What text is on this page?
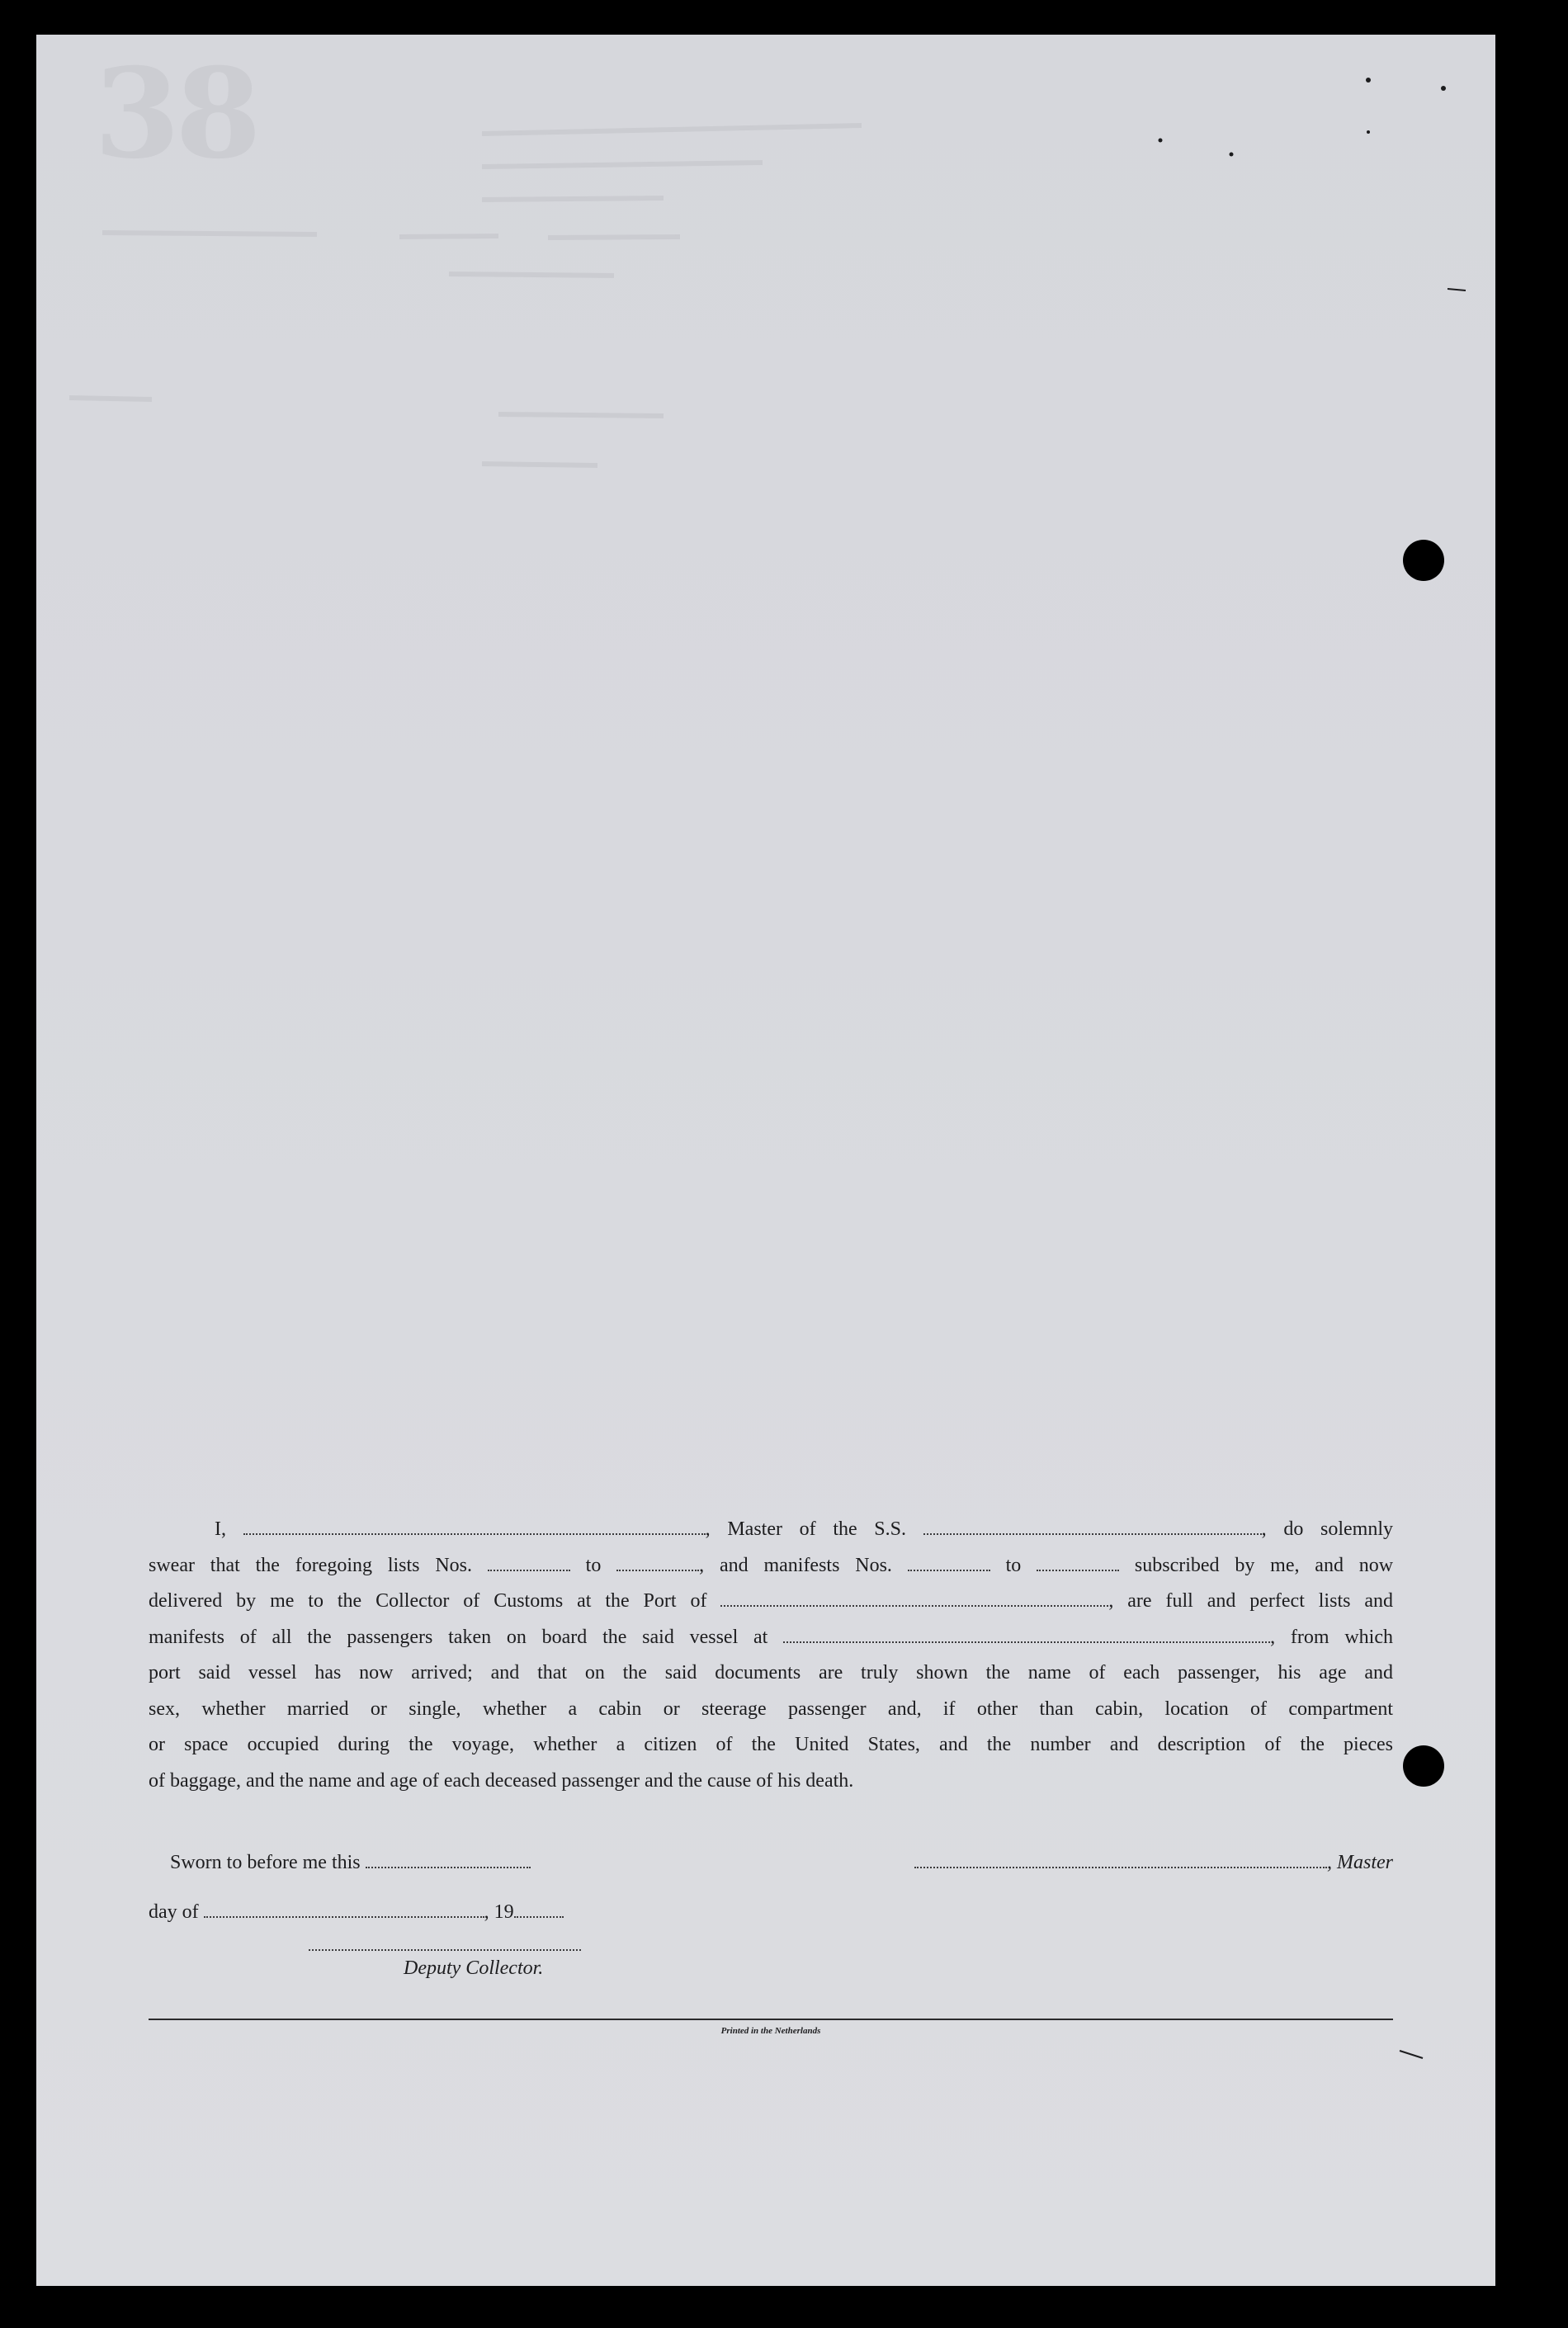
38
I,	, Master of the S.S.	, do solemnly
swear that the foregoing lists Nos.	to	, and manifests Nos.	to	subscribed by me, and now
delivered by me to the Collector of Customs at the Port of	, are full and perfect lists and
manifests of all the passengers taken on board the said vessel at	, from which
port said vessel has now arrived; and that on the said documents are truly shown the name of each passenger, his age and
sex, whether married or single, whether a cabin or steerage passenger and, if other than cabin, location of compartment
or space occupied during the voyage, whether a citizen of the United States, and the number and description of the pieces
of baggage, and the name and age of each deceased passenger and the cause of his death.
Sworn to before me this	, Master
day of	, 19
Deputy Collector.
Printed in the Netherlands
